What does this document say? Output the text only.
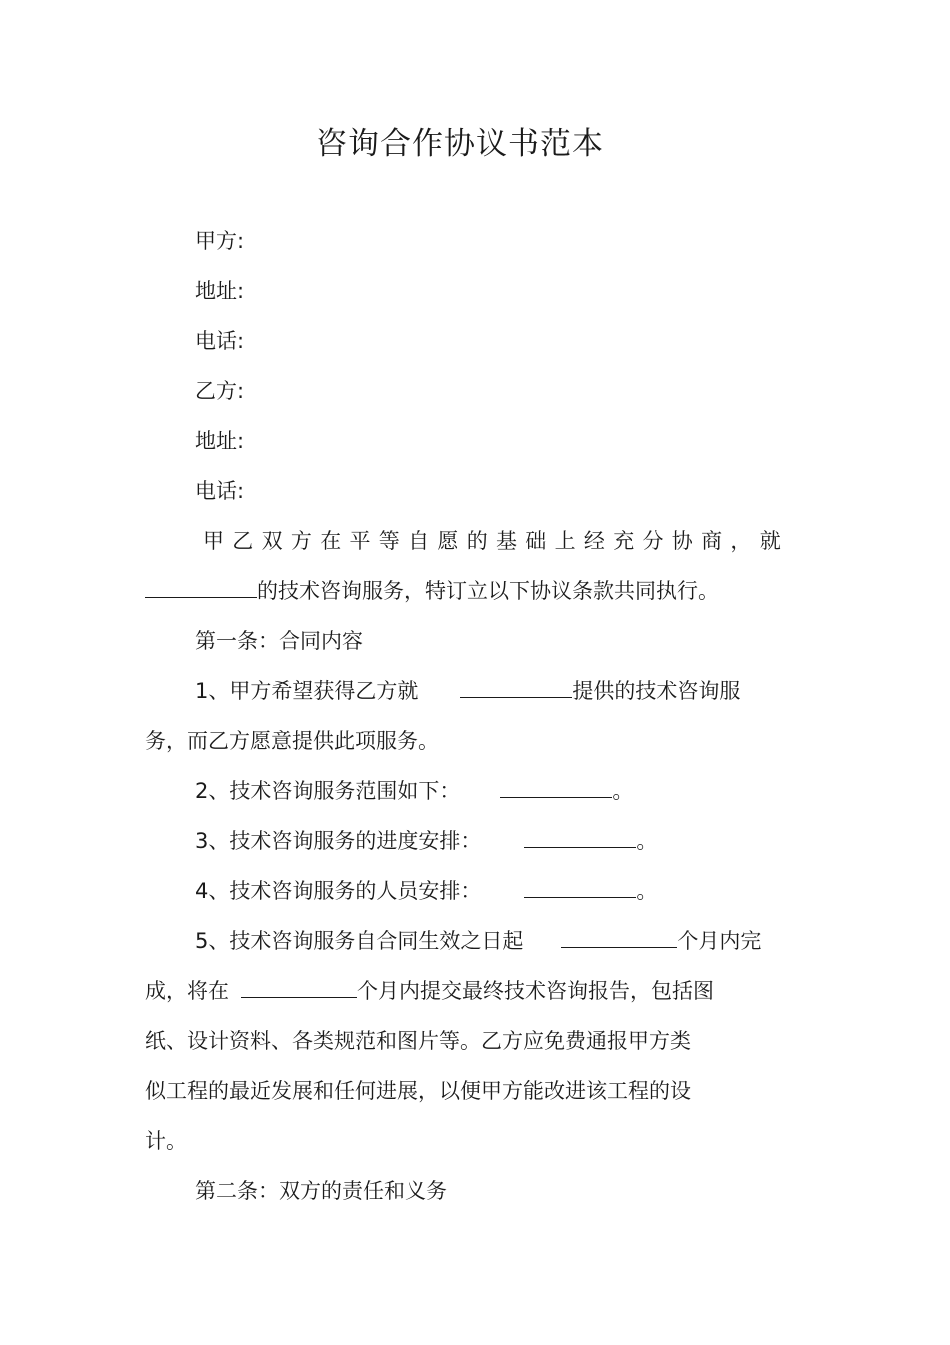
咨询合作协议书范本
甲方:
地址:
电话:
乙方:
地址:
电话:
甲乙双方在平等自愿的基础上经充分协商，就
的技术咨询服务，特订立以下协议条款共同执行。
第一条：合同内容
1、甲方希望获得乙方就	提供的技术咨询服
务，而乙方愿意提供此项服务。
2、技术咨询服务范围如下：	。
3、技术咨询服务的进度安排：	。
4、技术咨询服务的人员安排：	。
5、技术咨询服务自合同生效之日起	个月内完
成，将在	个月内提交最终技术咨询报告，包括图
纸、设计资料、各类规范和图片等。乙方应免费通报甲方类
似工程的最近发展和任何进展，以便甲方能改进该工程的设
计。
第二条：双方的责任和义务
